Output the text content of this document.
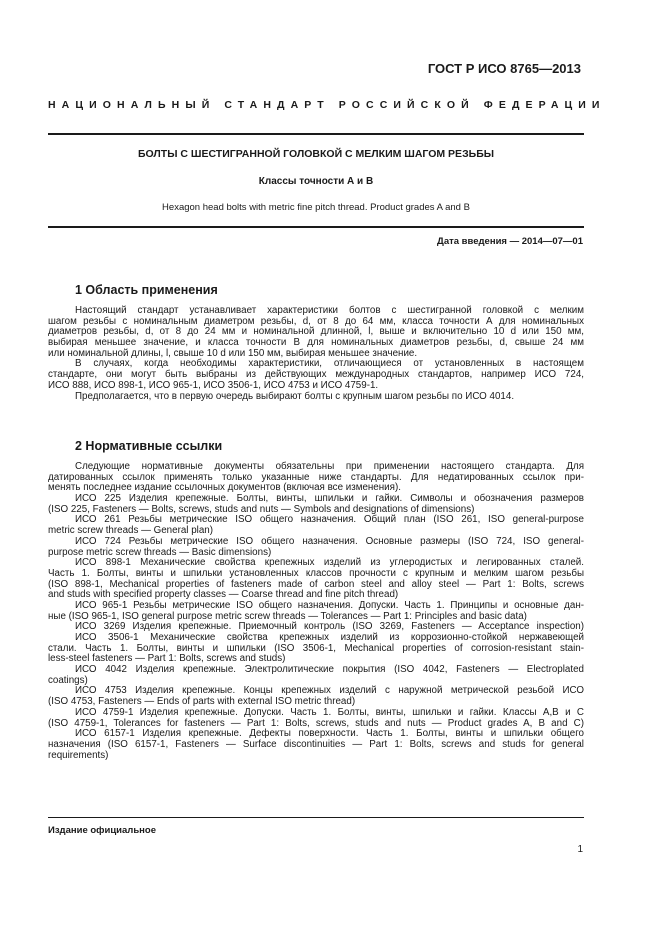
ГОСТ Р ИСО 8765—2013
НАЦИОНАЛЬНЫЙ СТАНДАРТ РОССИЙСКОЙ ФЕДЕРАЦИИ
БОЛТЫ С ШЕСТИГРАННОЙ ГОЛОВКОЙ С МЕЛКИМ ШАГОМ РЕЗЬБЫ
Классы точности А и В
Hexagon head bolts with metric fine pitch thread. Product grades A and B
Дата введения — 2014—07—01
1 Область применения
Настоящий стандарт устанавливает характеристики болтов с шестигранной головкой с мелким
шагом резьбы с номинальным диаметром резьбы, d, от 8 до 64 мм, класса точности А для номинальных
диаметров резьбы, d, от 8 до 24 мм и номинальной длинной, l, выше и включительно 10 d или 150 мм,
выбирая меньшее значение, и класса точности В для номинальных диаметров резьбы, d, свыше 24 мм
или номинальной длины, l, свыше 10 d или 150 мм, выбирая меньшее значение.
В случаях, когда необходимы характеристики, отличающиеся от установленных в настоящем
стандарте, они могут быть выбраны из действующих международных стандартов, например ИСО 724,
ИСО 888, ИСО 898-1, ИСО 965-1, ИСО 3506-1, ИСО 4753 и ИСО 4759-1.
Предполагается, что в первую очередь выбирают болты с крупным шагом резьбы по ИСО 4014.
2 Нормативные ссылки
Следующие нормативные документы обязательны при применении настоящего стандарта. Для
датированных ссылок применять только указанные ниже стандарты. Для недатированных ссылок при-
менять последнее издание ссылочных документов (включая все изменения).
ИСО 225 Изделия крепежные. Болты, винты, шпильки и гайки. Символы и обозначения размеров
(ISO 225, Fasteners — Bolts, screws, studs and nuts — Symbols and designations of dimensions)
ИСО 261 Резьбы метрические ISO общего назначения. Общий план (ISO 261, ISO general-purpose
metric screw threads — General plan)
ИСО 724 Резьбы метрические ISO общего назначения. Основные размеры (ISO 724, ISO general-
purpose metric screw threads — Basic dimensions)
ИСО 898-1 Механические свойства крепежных изделий из углеродистых и легированных сталей.
Часть 1. Болты, винты и шпильки установленных классов прочности с крупным и мелким шагом резьбы
(ISO 898-1, Mechanical properties of fasteners made of carbon steel and alloy steel — Part 1: Bolts, screws
and studs with specified property classes — Coarse thread and fine pitch thread)
ИСО 965-1 Резьбы метрические ISO общего назначения. Допуски. Часть 1. Принципы и основные дан-
ные (ISO 965-1, ISO general purpose metric screw threads — Tolerances — Part 1: Principles and basic data)
ИСО 3269 Изделия крепежные. Приемочный контроль (ISO 3269, Fasteners — Acceptance inspection)
ИСО 3506-1 Механические свойства крепежных изделий из коррозионно-стойкой нержавеющей
стали. Часть 1. Болты, винты и шпильки (ISO 3506-1, Mechanical properties of corrosion-resistant stain-
less-steel fasteners — Part 1: Bolts, screws and studs)
ИСО 4042 Изделия крепежные. Электролитические покрытия (ISO 4042, Fasteners — Electroplated
coatings)
ИСО 4753 Изделия крепежные. Концы крепежных изделий с наружной метрической резьбой ИСО
(ISO 4753, Fasteners — Ends of parts with external ISO metric thread)
ИСО 4759-1 Изделия крепежные. Допуски. Часть 1. Болты, винты, шпильки и гайки. Классы А,В и С
(ISO 4759-1, Tolerances for fasteners — Part 1: Bolts, screws, studs and nuts — Product grades A, B and C)
ИСО 6157-1 Изделия крепежные. Дефекты поверхности. Часть 1. Болты, винты и шпильки общего
назначения (ISO 6157-1, Fasteners — Surface discontinuities — Part 1: Bolts, screws and studs for general
requirements)
Издание официальное
1
